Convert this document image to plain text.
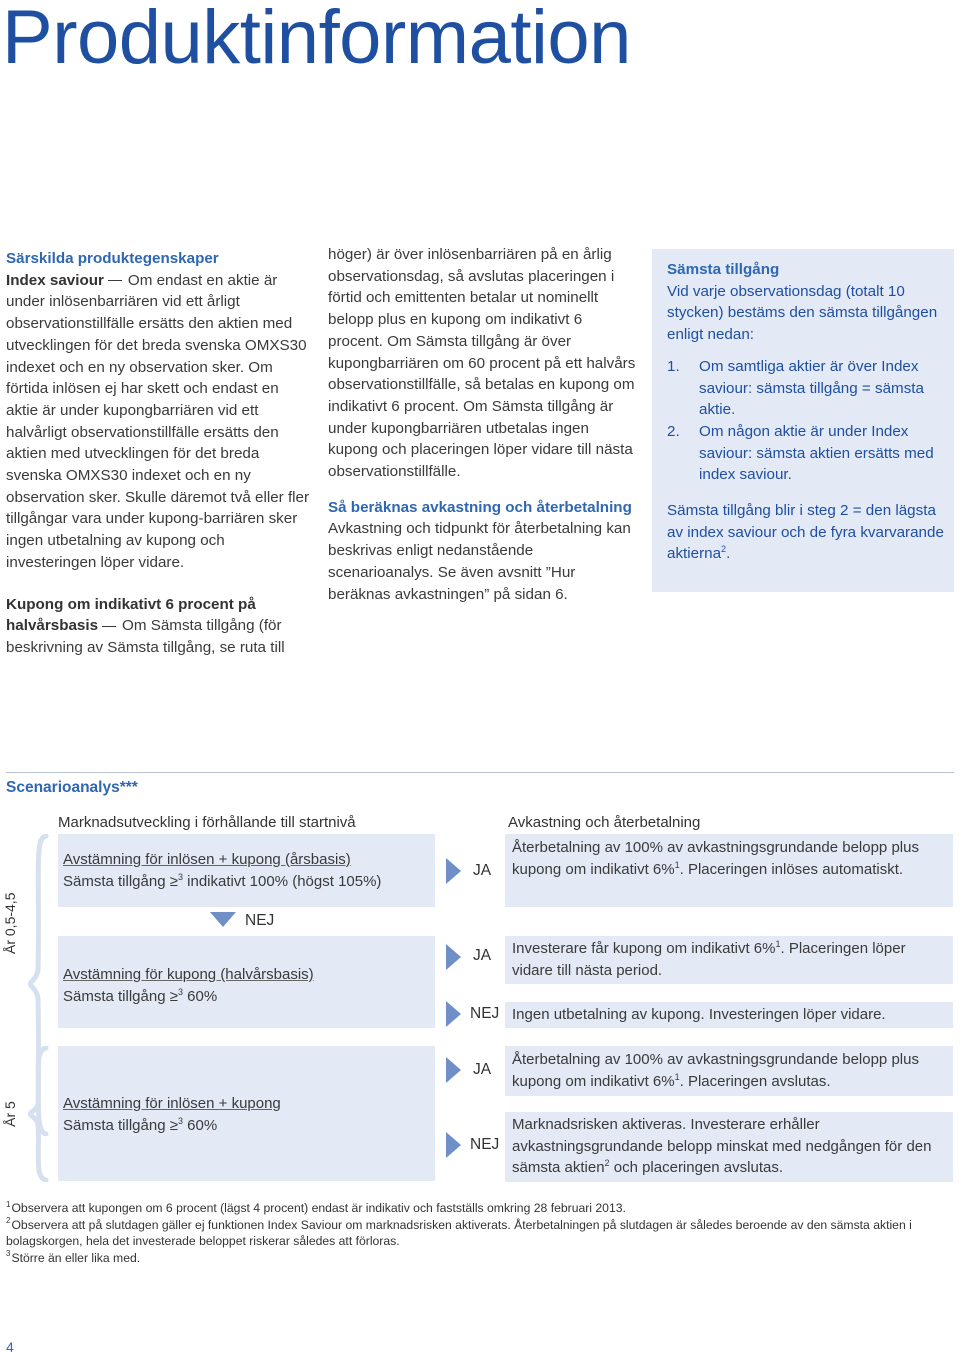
Produktinformation

Särskilda produktegenskaper

Index saviour Om endast en aktie är under inlösenbarriären vid ett årligt observationstillfälle ersätts den aktien med utvecklingen för det breda svenska OMXS30 indexet och en ny observation sker. Om förtida inlösen ej har skett och endast en aktie är under kupongbarriären vid ett halvårligt observationstillfälle ersätts den aktien med utvecklingen för det breda svenska OMXS30 indexet och en ny observation sker. Skulle däremot två eller fler tillgångar vara under kupong-barriären sker ingen utbetalning av kupong och investeringen löper vidare.

Kupong om indikativt 6 procent på halvårsbasis Om Sämsta tillgång (för beskrivning av Sämsta tillgång, se ruta till

höger) är över inlösenbarriären på en årlig observationsdag, så avslutas placeringen i förtid och emittenten betalar ut nominellt belopp plus en kupong om indikativt 6 procent. Om Sämsta tillgång är över kupongbarriären om 60 procent på ett halvårs observationstillfälle, så betalas en kupong om indikativt 6 procent. Om Sämsta tillgång är under kupongbarriären utbetalas ingen kupong och placeringen löper vidare till nästa observationstillfälle.

Så beräknas avkastning och återbetalning

Avkastning och tidpunkt för återbetalning kan beskrivas enligt nedanstående scenarioanalys. Se även avsnitt ”Hur beräknas avkastningen” på sidan 6.

Sämsta tillgång

Vid varje observationsdag (totalt 10 stycken) bestäms den sämsta tillgången enligt nedan:

1. Om samtliga aktier är över Index saviour: sämsta tillgång = sämsta aktie.
2. Om någon aktie är under Index saviour: sämsta aktien ersätts med index saviour.

Sämsta tillgång blir i steg 2 = den lägsta av index saviour och de fyra kvarvarande aktierna$^2$.

Scenarioanalys***
Marknadsutveckling i förhållande till startnivå	Avkastning och återbetalning
År 0,5-4,5
År 5
Avstämning för inlösen + kupong (årsbasis)
Sämsta tillgång ≥$^3$ indikativt 100% (högst 105%)
NEJ
Avstämning för kupong (halvårsbasis)
Sämsta tillgång ≥$^3$ 60%
Avstämning för inlösen + kupong
Sämsta tillgång ≥$^3$ 60%
JA
JA
NEJ
JA
NEJ
Återbetalning av 100% av avkastningsgrundande belopp plus kupong om indikativt 6%$^1$. Placeringen inlöses automatiskt.
Investerare får kupong om indikativt 6%$^1$. Placeringen löper vidare till nästa period.
Ingen utbetalning av kupong. Investeringen löper vidare.
Återbetalning av 100% av avkastningsgrundande belopp plus kupong om indikativt 6%$^1$. Placeringen avslutas.
Marknadsrisken aktiveras. Investerare erhåller avkastningsgrundande belopp minskat med nedgången för den sämsta aktien$^2$ och placeringen avslutas.

$^1$Observera att kupongen om 6 procent (lägst 4 procent) endast är indikativ och fastställs omkring 28 februari 2013.

$^2$Observera att på slutdagen gäller ej funktionen Index Saviour om marknadsrisken aktiverats. Återbetalningen på slutdagen är således beroende av den sämsta aktien i bolagskorgen, hela det investerade beloppet riskerar således att förloras.

$^3$Större än eller lika med.

4
